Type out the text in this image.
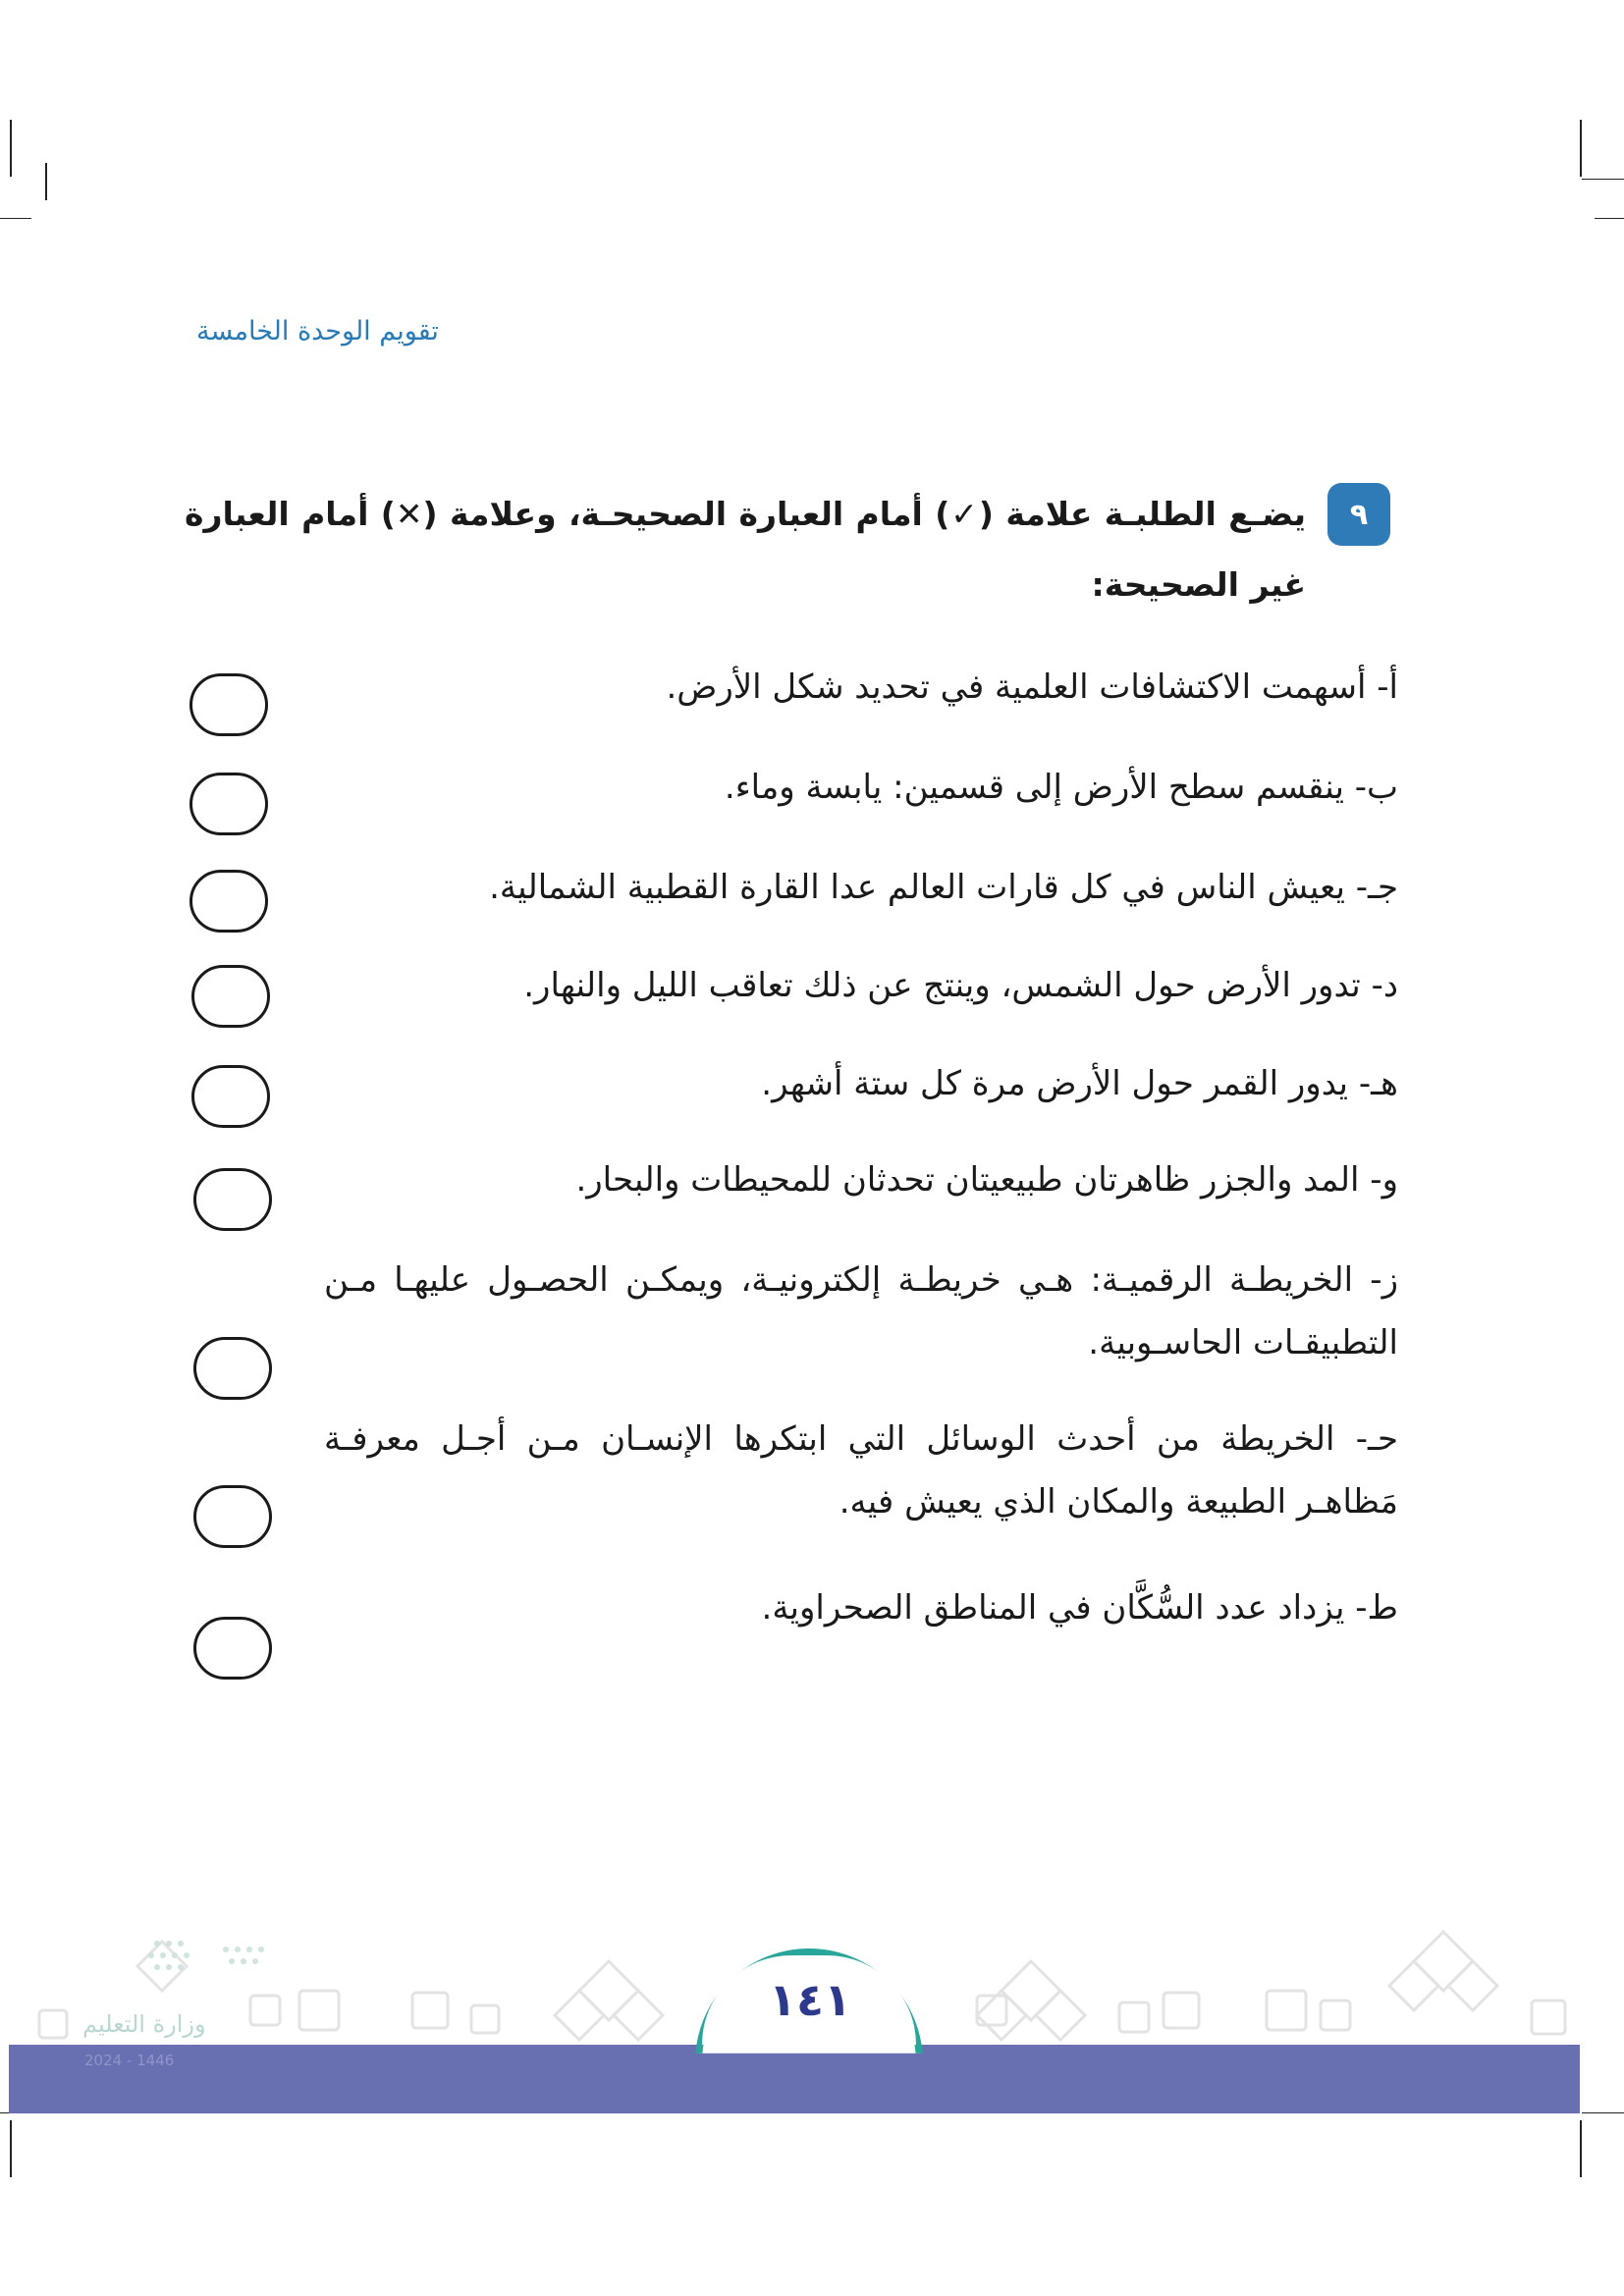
تقويم الوحدة الخامسة
٩
يضـع الطلبـة علامة (✓) أمام العبارة الصحيحـة، وعلامة (✕) أمام العبارة غير الصحيحة:
أ- أسهمت الاكتشافات العلمية في تحديد شكل الأرض.
ب- ينقسم سطح الأرض إلى قسمين: يابسة وماء.
جـ- يعيش الناس في كل قارات العالم عدا القارة القطبية الشمالية.
د- تدور الأرض حول الشمس، وينتج عن ذلك تعاقب الليل والنهار.
هـ- يدور القمر حول الأرض مرة كل ستة أشهر.
و- المد والجزر ظاهرتان طبيعيتان تحدثان للمحيطات والبحار.
ز- الخريطـة الرقميـة: هـي خريطـة إلكترونيـة، ويمكـن الحصـول عليهـا مـن التطبيقـات الحاسـوبية.
حـ- الخريطة من أحدث الوسائل التي ابتكرها الإنسـان مـن أجـل معرفـة مَظاهـر الطبيعة والمكان الذي يعيش فيه.
ط- يزداد عدد السُّكَّان في المناطق الصحراوية.
وزارة التعليم
2024 - 1446
١٤١
